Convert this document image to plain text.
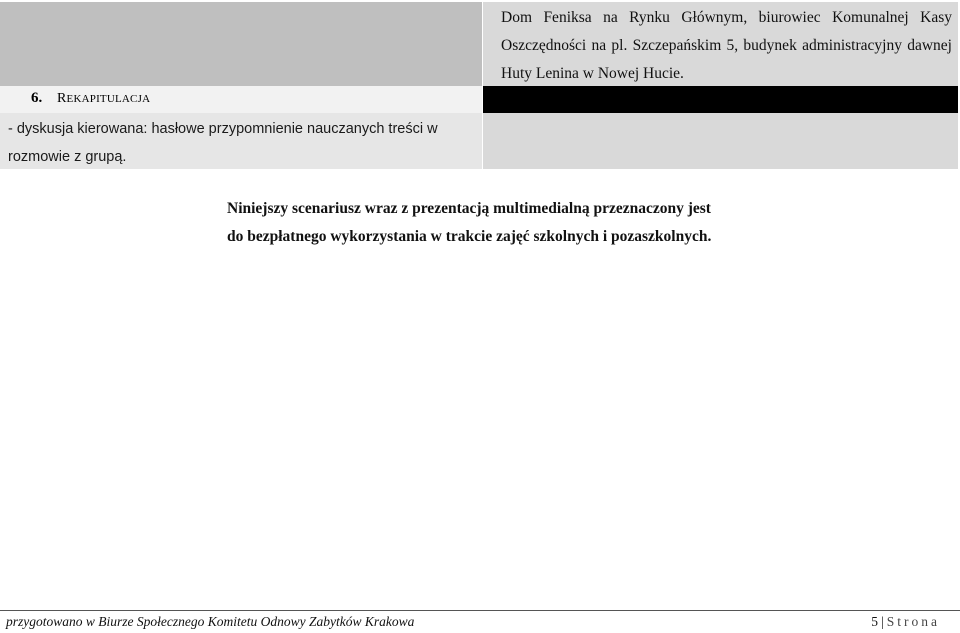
Dom Feniksa na Rynku Głównym, biurowiec Komunalnej Kasy Oszczędności na pl. Szczepańskim 5, budynek administracyjny dawnej Huty Lenina w Nowej Hucie.
6. REKAPITULACJA
- dyskusja kierowana: hasłowe przypomnienie nauczanych treści w rozmowie z grupą.
Niniejszy scenariusz wraz z prezentacją multimedialną przeznaczony jest
do bezpłatnego wykorzystania w trakcie zajęć szkolnych i pozaszkolnych.
przygotowano w Biurze Społecznego Komitetu Odnowy Zabytków Krakowa	5 | Strona
